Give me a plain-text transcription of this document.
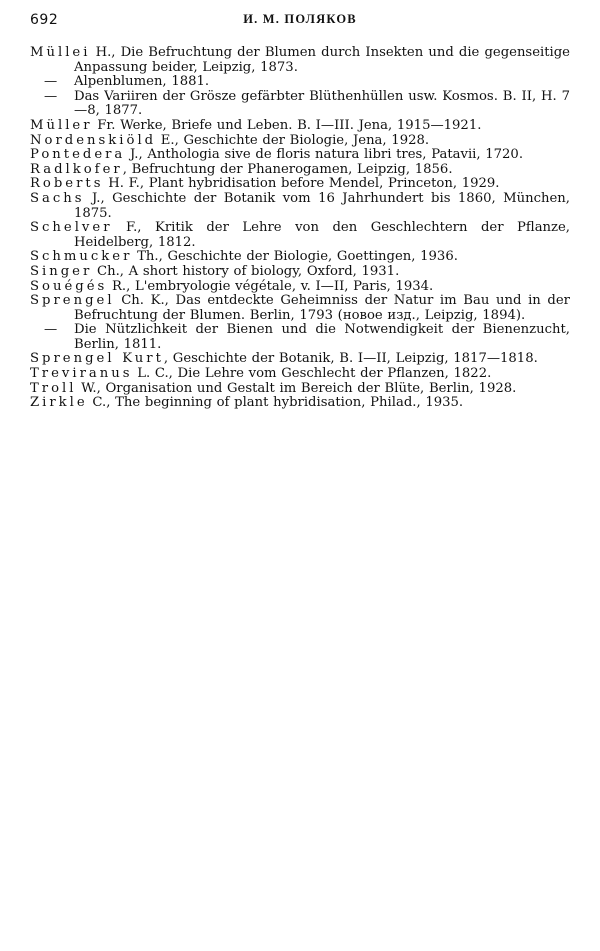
692	И. М. ПОЛЯКОВ

Müllei H., Die Befruchtung der Blumen durch Insekten und die gegenseitige Anpassung beider, Leipzig, 1873.

— Alpenblumen, 1881.

— Das Variiren der Grösze gefärbter Blüthenhüllen usw. Kosmos. B. II, H. 7—8, 1877.

Müller Fr. Werke, Briefe und Leben. B. I—III. Jena, 1915—1921.

Nordenskiöld E., Geschichte der Biologie, Jena, 1928.

Pontedera J., Anthologia sive de floris natura libri tres, Patavii, 1720.

Radlkofer, Befruchtung der Phanerogamen, Leipzig, 1856.

Roberts H. F., Plant hybridisation before Mendel, Princeton, 1929.

Sachs J., Geschichte der Botanik vom 16 Jahrhundert bis 1860, München, 1875.

Schelver F., Kritik der Lehre von den Geschlechtern der Pflanze, Heidelberg, 1812.

Schmucker Th., Geschichte der Biologie, Goettingen, 1936.

Singer Ch., A short history of biology, Oxford, 1931.

Souégés R., L'embryologie végétale, v. I—II, Paris, 1934.

Sprengel Ch. K., Das entdeckte Geheimniss der Natur im Bau und in der Befruchtung der Blumen. Berlin, 1793 (новое изд., Leipzig, 1894).

— Die Nützlichkeit der Bienen und die Notwendigkeit der Bienenzucht, Berlin, 1811.

Sprengel Kurt, Geschichte der Botanik, B. I—II, Leipzig, 1817—1818.

Treviranus L. C., Die Lehre vom Geschlecht der Pflanzen, 1822.

Troll W., Organisation und Gestalt im Bereich der Blüte, Berlin, 1928.

Zirkle C., The beginning of plant hybridisation, Philad., 1935.
